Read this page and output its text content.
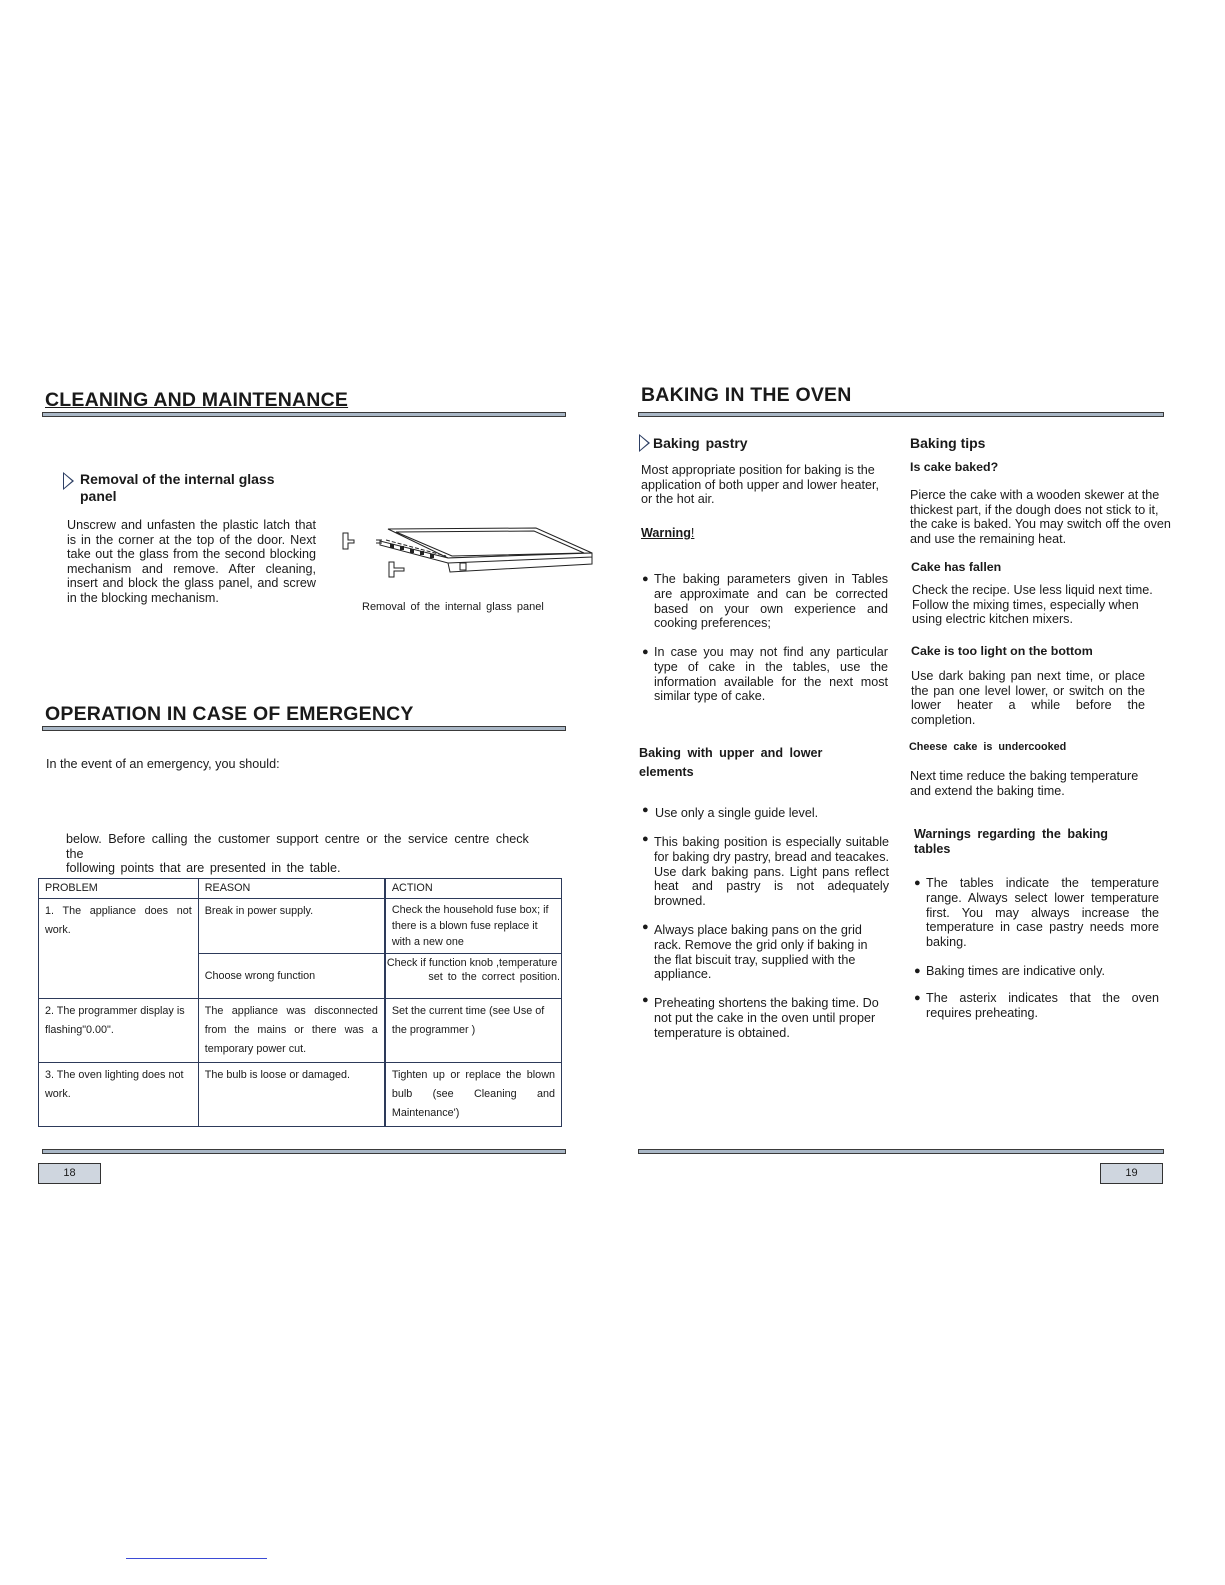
CLEANING AND MAINTENANCE
Removal of the internal glass
panel
Unscrew and unfasten the plastic latch that is in the corner at the top of the door. Next take out the glass from the second blocking mechanism and remove. After cleaning, insert and block the glass panel, and screw in the blocking mechanism.
Removal of the internal glass panel
OPERATION IN CASE OF EMERGENCY
In the event of an emergency, you should:
below. Before calling the customer support centre or the service centre check the
following points that are presented in the table.
PROBLEM	REASON	ACTION
1. The appliance does not work.	Break in power supply.	Check the household fuse box; if there is a blown fuse replace it with a new one
	Choose wrong function	Check if function knob ,temperature
set to the correct position.

2. The programmer display is flashing"0.00".	The appliance was disconnected from the mains or there was a temporary power cut.	Set the current time (see Use of the programmer )
3. The oven lighting does not work.	The bulb is loose or damaged.	Tighten up or replace the blown bulb (see Cleaning and Maintenance')
18
BAKING IN THE OVEN
Baking pastry
Most appropriate position for baking is the
application of both upper and lower heater,
or the hot air.
Warning!
● The baking parameters given in Tables are approximate and can be corrected based on your own experience and cooking preferences;
● In case you may not find any particular type of cake in the tables, use the information available for the next most similar type of cake.
Baking with upper and lower
elements
● Use only a single guide level.
● This baking position is especially suitable for baking dry pastry, bread and teacakes. Use dark baking pans. Light pans reflect heat and pastry is not adequately browned.
● Always place baking pans on the grid rack. Remove the grid only if baking in the flat biscuit tray, supplied with the appliance.
● Preheating shortens the baking time. Do not put the cake in the oven until proper temperature is obtained.
Baking tips
Is cake baked?
Pierce the cake with a wooden skewer at the thickest part, if the dough does not stick to it, the cake is baked. You may switch off the oven and use the remaining heat.
Cake has fallen
Check the recipe. Use less liquid next time. Follow the mixing times, especially when using electric kitchen mixers.
Cake is too light on the bottom
Use dark baking pan next time, or place the pan one level lower, or switch on the lower heater a while before the completion.
Cheese cake is undercooked
Next time reduce the baking temperature and extend the baking time.
Warnings regarding the baking
tables
● The tables indicate the temperature range. Always select lower temperature first. You may always increase the temperature in case pastry needs more baking.
● Baking times are indicative only.
● The asterix indicates that the oven requires preheating.
19
